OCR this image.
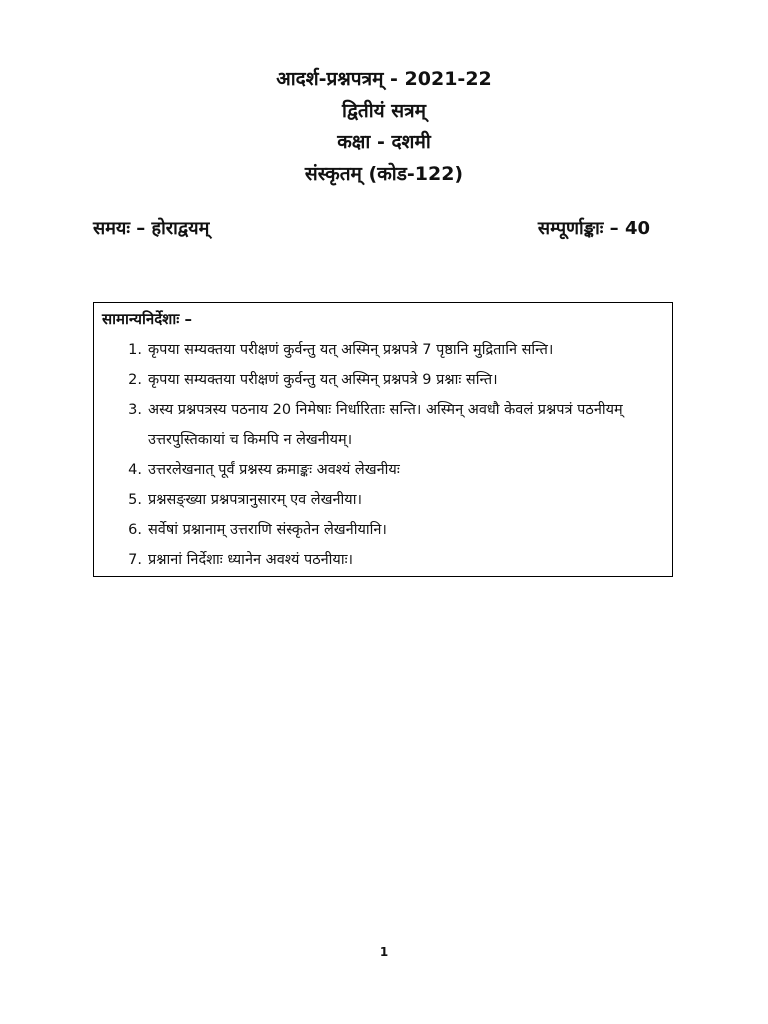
आदर्श-प्रश्नपत्रम् - 2021-22
द्वितीयं सत्रम्
कक्षा - दशमी
संस्कृतम् (कोड-122)
समयः – होराद्वयम्	सम्पूर्णाङ्काः – 40
सामान्यनिर्देशाः –
1. कृपया सम्यक्तया परीक्षणं कुर्वन्तु यत् अस्मिन् प्रश्नपत्रे 7 पृष्ठानि मुद्रितानि सन्ति।
2. कृपया सम्यक्तया परीक्षणं कुर्वन्तु यत् अस्मिन् प्रश्नपत्रे 9 प्रश्नाः सन्ति।
3. अस्य प्रश्नपत्रस्य पठनाय 20 निमेषाः निर्धारिताः सन्ति। अस्मिन् अवधौ केवलं प्रश्नपत्रं पठनीयम् उत्तरपुस्तिकायां च किमपि न लेखनीयम्।
4. उत्तरलेखनात् पूर्वं प्रश्नस्य क्रमाङ्कः अवश्यं लेखनीयः
5. प्रश्नसङ्ख्या प्रश्नपत्रानुसारम् एव लेखनीया।
6. सर्वेषां प्रश्नानाम् उत्तराणि संस्कृतेन लेखनीयानि।
7. प्रश्नानां निर्देशाः ध्यानेन अवश्यं पठनीयाः।
1
